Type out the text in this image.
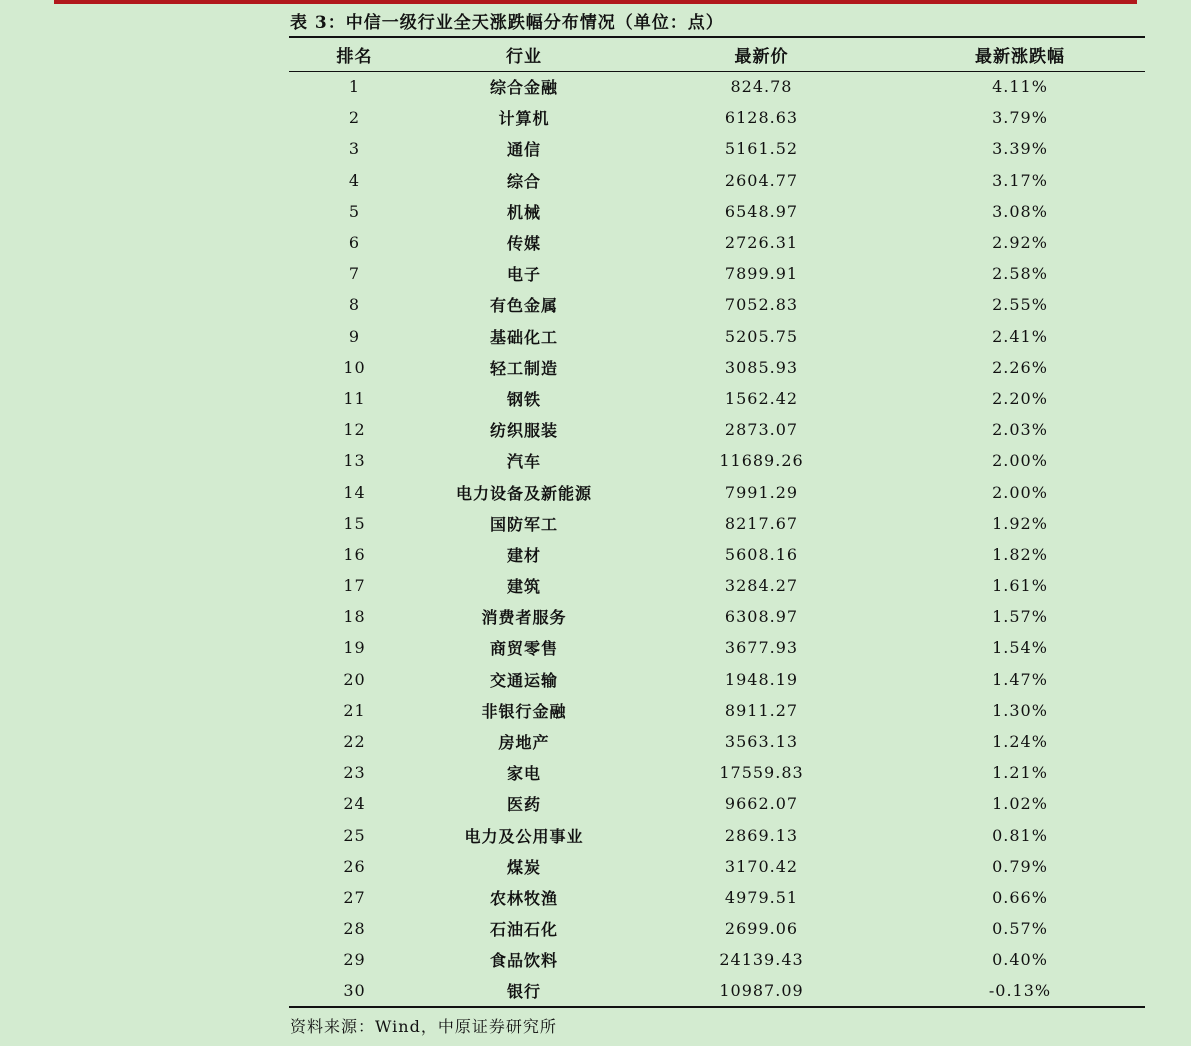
表 3：中信一级行业全天涨跌幅分布情况（单位：点）
排名	行业	最新价	最新涨跌幅
1	综合金融	824.78	4.11%
2	计算机	6128.63	3.79%
3	通信	5161.52	3.39%
4	综合	2604.77	3.17%
5	机械	6548.97	3.08%
6	传媒	2726.31	2.92%
7	电子	7899.91	2.58%
8	有色金属	7052.83	2.55%
9	基础化工	5205.75	2.41%
10	轻工制造	3085.93	2.26%
11	钢铁	1562.42	2.20%
12	纺织服装	2873.07	2.03%
13	汽车	11689.26	2.00%
14	电力设备及新能源	7991.29	2.00%
15	国防军工	8217.67	1.92%
16	建材	5608.16	1.82%
17	建筑	3284.27	1.61%
18	消费者服务	6308.97	1.57%
19	商贸零售	3677.93	1.54%
20	交通运输	1948.19	1.47%
21	非银行金融	8911.27	1.30%
22	房地产	3563.13	1.24%
23	家电	17559.83	1.21%
24	医药	9662.07	1.02%
25	电力及公用事业	2869.13	0.81%
26	煤炭	3170.42	0.79%
27	农林牧渔	4979.51	0.66%
28	石油石化	2699.06	0.57%
29	食品饮料	24139.43	0.40%
30	银行	10987.09	-0.13%
资料来源：Wind，中原证券研究所
